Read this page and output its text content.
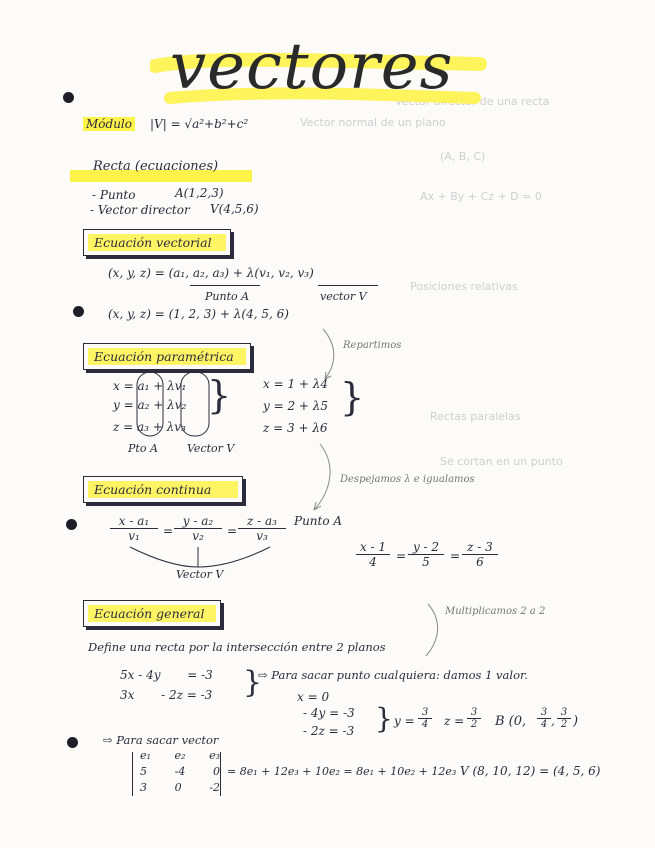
Vector director de una recta
Vector normal de un plano
(A, B, C)
Ax + By + Cz + D = 0
Posiciones relativas
Rectas paralelas
Se cortan en un punto
vectores
Módulo |V| = √a²+b²+c²
Recta (ecuaciones)
- Punto	A(1,2,3)
- Vector director V(4,5,6)
Ecuación vectorial
(x, y, z) = (a₁, a₂, a₃) + λ(v₁, v₂, v₃)
Punto A	vector V
(x, y, z) = (1, 2, 3) + λ(4, 5, 6)
Repartimos
Ecuación paramétrica
x = a₁ + λv₁
y = a₂ + λv₂
z = a₃ + λv₃
}
Pto A	Vector V
x = 1 + λ4
y = 2 + λ5
z = 3 + λ6
}
Despejamos λ e igualamos
Ecuación continua
$\frac{\text{x - a₁}}{\text{v₁}} = \frac{\text{y - a₂}}{\text{v₂}} = \frac{\text{z - a₃}}{\text{v₃}}$ Punto A
Vector V
$\frac{x - 1}{4} = \frac{y - 2}{5} = \frac{z - 3}{6}$
Multiplicamos 2 a 2
Ecuación general
Define una recta por la intersección entre 2 planos
5x - 4y       = -3
3x       - 2z = -3 }
⇨ Para sacar punto cualquiera: damos 1 valor.
x = 0
- 4y = -3
- 2z = -3 } $y = \frac{3}{4}$ $z = \frac{3}{2}$ B (0, $\frac{3}{4}$ , $\frac{3}{2}$ )
⇨ Para sacar vector
e₁ e₂ e₃
5	-4	0
3	0	-2
= 8e₁ + 12e₃ + 10e₂ = 8e₁ + 10e₂ + 12e₃ V (8, 10, 12) = (4, 5, 6)
